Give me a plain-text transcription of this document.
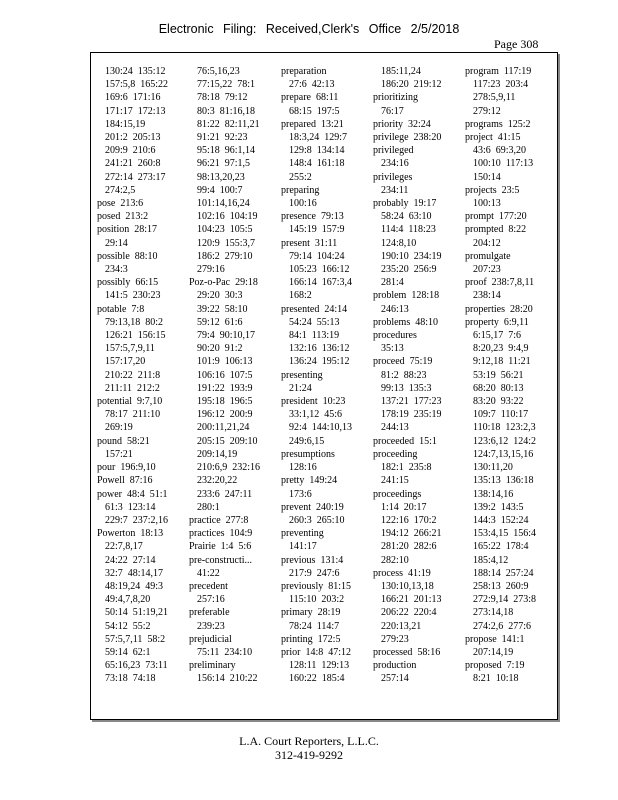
Electronic Filing: Received,Clerk's Office 2/5/2018
Page 308
130:24  135:12
157:5,8  165:22
169:6  171:16
171:17  172:13
184:15,19
201:2  205:13
209:9  210:6
241:21  260:8
272:14  273:17
274:2,5
pose  213:6
posed  213:2
position  28:17
29:14
possible  88:10
234:3
possibly  66:15
141:5  230:23
potable  7:8
79:13,18  80:2
126:21  156:15
157:5,7,9,11
157:17,20
210:22  211:8
211:11  212:2
potential  9:7,10
78:17  211:10
269:19
pound  58:21
157:21
pour  196:9,10
Powell  87:16
power  48:4  51:1
61:3  123:14
229:7  237:2,16
Powerton  18:13
22:7,8,17
24:22  27:14
32:7  48:14,17
48:19,24  49:3
49:4,7,8,20
50:14  51:19,21
54:12  55:2
57:5,7,11  58:2
59:14  62:1
65:16,23  73:11
73:18  74:18
76:5,16,23
77:15,22  78:1
78:18  79:12
80:3  81:16,18
81:22  82:11,21
91:21  92:23
95:18  96:1,14
96:21  97:1,5
98:13,20,23
99:4  100:7
101:14,16,24
102:16  104:19
104:23  105:5
120:9  155:3,7
186:2  279:10
279:16
Poz-o-Pac  29:18
29:20  30:3
39:22  58:10
59:12  61:6
79:4  90:10,17
90:20  91:2
101:9  106:13
106:16  107:5
191:22  193:9
195:18  196:5
196:12  200:9
200:11,21,24
205:15  209:10
209:14,19
210:6,9  232:16
232:20,22
233:6  247:11
280:1
practice  277:8
practices  104:9
Prairie  1:4  5:6
pre-constructi...
41:22
precedent
257:16
preferable
239:23
prejudicial
75:11  234:10
preliminary
156:14  210:22
preparation
27:6  42:13
prepare  68:11
68:15  197:5
prepared  13:21
18:3,24  129:7
129:8  134:14
148:4  161:18
255:2
preparing
100:16
presence  79:13
145:19  157:9
present  31:11
79:14  104:24
105:23  166:12
166:14  167:3,4
168:2
presented  24:14
54:24  55:13
84:1  113:19
132:16  136:12
136:24  195:12
presenting
21:24
president  10:23
33:1,12  45:6
92:4  144:10,13
249:6,15
presumptions
128:16
pretty  149:24
173:6
prevent  240:19
260:3  265:10
preventing
141:17
previous  131:4
217:9  247:6
previously  81:15
115:10  203:2
primary  28:19
78:24  114:7
printing  172:5
prior  14:8  47:12
128:11  129:13
160:22  185:4
185:11,24
186:20  219:12
prioritizing
76:17
priority  32:24
privilege  238:20
privileged
234:16
privileges
234:11
probably  19:17
58:24  63:10
114:4  118:23
124:8,10
190:10  234:19
235:20  256:9
281:4
problem  128:18
246:13
problems  48:10
procedures
35:13
proceed  75:19
81:2  88:23
99:13  135:3
137:21  177:23
178:19  235:19
244:13
proceeded  15:1
proceeding
182:1  235:8
241:15
proceedings
1:14  20:17
122:16  170:2
194:12  266:21
281:20  282:6
282:10
process  41:19
130:10,13,18
166:21  201:13
206:22  220:4
220:13,21
279:23
processed  58:16
production
257:14
program  117:19
117:23  203:4
278:5,9,11
279:12
programs  125:2
project  41:15
43:6  69:3,20
100:10  117:13
150:14
projects  23:5
100:13
prompt  177:20
prompted  8:22
204:12
promulgate
207:23
proof  238:7,8,11
238:14
properties  28:20
property  6:9,11
6:15,17  7:6
8:20,23  9:4,9
9:12,18  11:21
53:19  56:21
68:20  80:13
83:20  93:22
109:7  110:17
110:18  123:2,3
123:6,12  124:2
124:7,13,15,16
130:11,20
135:13  136:18
138:14,16
139:2  143:5
144:3  152:24
153:4,15  156:4
165:22  178:4
185:4,12
188:14  257:24
258:13  260:9
272:9,14  273:8
273:14,18
274:2,6  277:6
propose  141:1
207:14,19
proposed  7:19
8:21  10:18
L.A. Court Reporters, L.L.C.
312-419-9292
